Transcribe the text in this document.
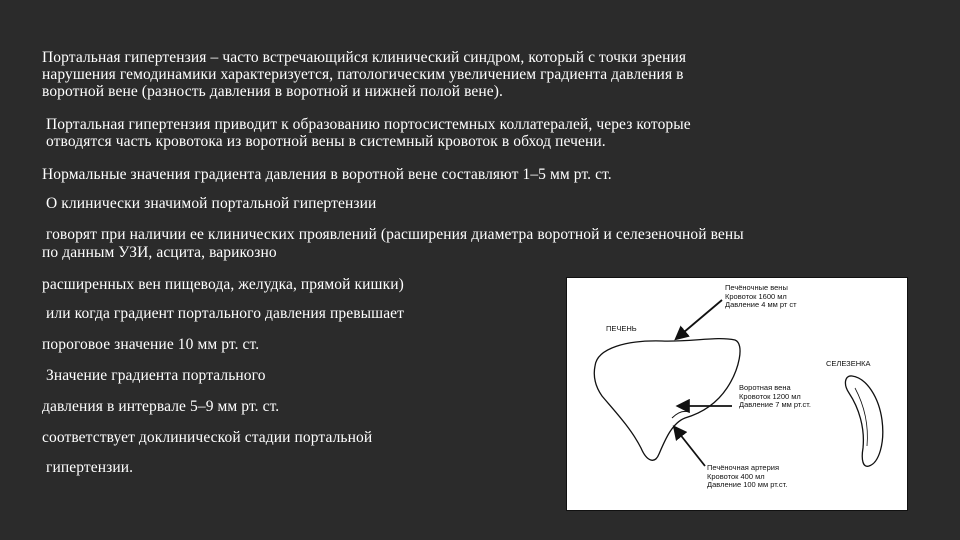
Портальная гипертензия – часто встречающийся клинический синдром, который с точки зрения
нарушения гемодинамики характеризуется, патологическим увеличением градиента давления в
воротной вене (разность давления в воротной и нижней полой вене).
Портальная гипертензия приводит к образованию портосистемных коллатералей, через которые
отводятся часть кровотока из воротной вены в системный кровоток в обход печени.
Нормальные значения градиента давления в воротной вене составляют 1–5 мм рт. ст.
О клинически значимой портальной гипертензии
говорят при наличии ее клинических проявлений (расширения диаметра воротной и селезеночной вены
по данным УЗИ, асцита, варикозно
расширенных вен пищевода, желудка, прямой кишки)
или когда градиент портального давления превышает
пороговое значение 10 мм рт. ст.
Значение градиента портального
давления в интервале 5–9 мм рт. ст.
соответствует доклинической стадии портальной
гипертензии.
ПЕЧЕНЬ
СЕЛЕЗЕНКА
Печёночные вены
Кровоток 1600 мл
Давление 4 мм рт ст
Воротная вена
Кровоток 1200 мл
Давление 7 мм рт.ст.
Печёночная артерия
Кровоток 400 мл
Давление 100 мм рт.ст.
